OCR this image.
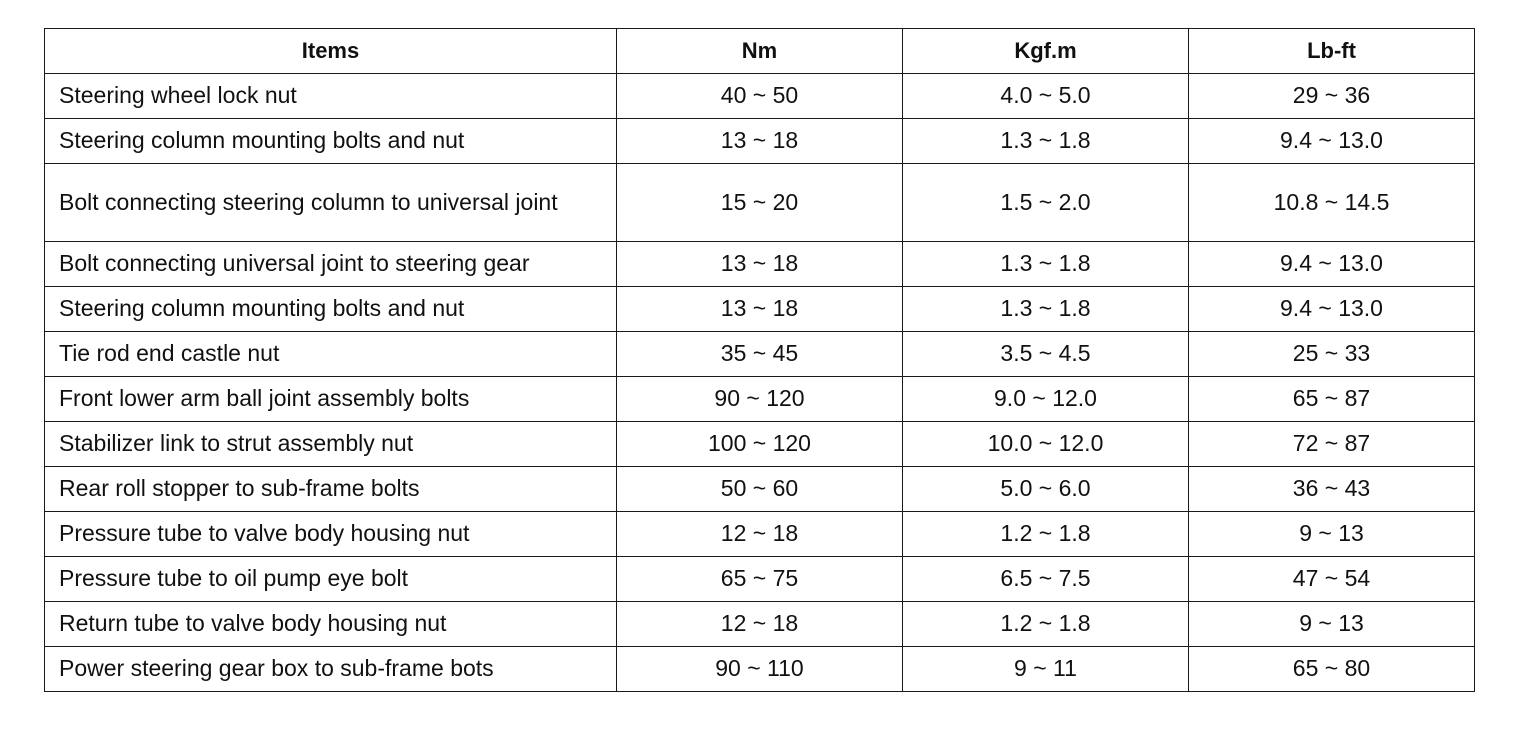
Items	Nm	Kgf.m	Lb-ft
Steering wheel lock nut	40 ~ 50	4.0 ~ 5.0	29 ~ 36
Steering column mounting bolts and nut	13 ~ 18	1.3 ~ 1.8	9.4 ~ 13.0
Bolt connecting steering column to universal joint	15 ~ 20	1.5 ~ 2.0	10.8 ~ 14.5
Bolt connecting universal joint to steering gear	13 ~ 18	1.3 ~ 1.8	9.4 ~ 13.0
Steering column mounting bolts and nut	13 ~ 18	1.3 ~ 1.8	9.4 ~ 13.0
Tie rod end castle nut	35 ~ 45	3.5 ~ 4.5	25 ~ 33
Front lower arm ball joint assembly bolts	90 ~ 120	9.0 ~ 12.0	65 ~ 87
Stabilizer link to strut assembly nut	100 ~ 120	10.0 ~ 12.0	72 ~ 87
Rear roll stopper to sub-frame bolts	50 ~ 60	5.0 ~ 6.0	36 ~ 43
Pressure tube to valve body housing nut	12 ~ 18	1.2 ~ 1.8	9 ~ 13
Pressure tube to oil pump eye bolt	65 ~ 75	6.5 ~ 7.5	47 ~ 54
Return tube to valve body housing nut	12 ~ 18	1.2 ~ 1.8	9 ~ 13
Power steering gear box to sub-frame bots	90 ~ 110	9 ~ 11	65 ~ 80
